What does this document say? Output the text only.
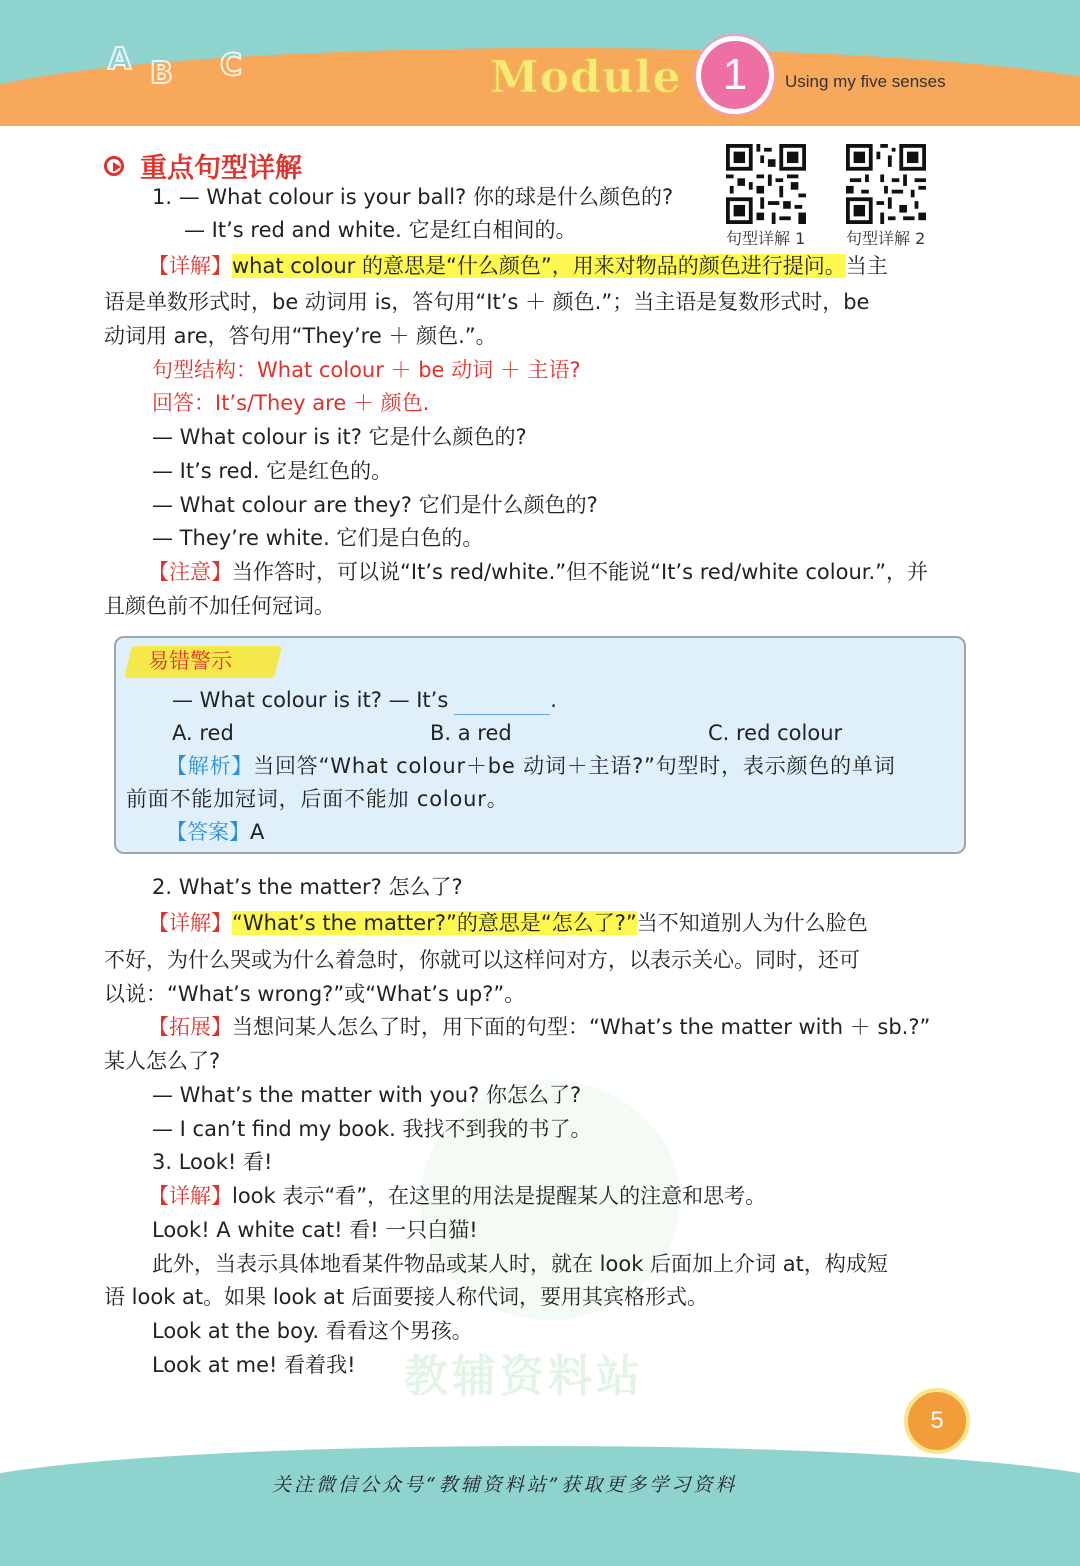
A B C	Module 1	Using my five senses
重点句型详解
句型详解 1	句型详解 2
1. — What colour is your ball? 你的球是什么颜色的?
— It’s red and white. 它是红白相间的。
【详解】what colour 的意思是“什么颜色”，用来对物品的颜色进行提问。当主
语是单数形式时，be 动词用 is，答句用“It’s ＋ 颜色.”；当主语是复数形式时，be
动词用 are，答句用“They’re ＋ 颜色.”。
句型结构：What colour ＋ be 动词 ＋ 主语?
回答：It’s/They are ＋ 颜色.
— What colour is it? 它是什么颜色的?
— It’s red. 它是红色的。
— What colour are they? 它们是什么颜色的?
— They’re white. 它们是白色的。
【注意】当作答时，可以说“It’s red/white.”但不能说“It’s red/white colour.”，并
且颜色前不加任何冠词。
易错警示
— What colour is it? — It’s	.
A. red	B. a red	C. red colour
【解析】当回答“What colour＋be 动词＋主语?”句型时，表示颜色的单词
前面不能加冠词，后面不能加 colour。
【答案】A
教辅资料站
2. What’s the matter? 怎么了?
【详解】“What’s the matter?”的意思是“怎么了?”当不知道别人为什么脸色
不好，为什么哭或为什么着急时，你就可以这样问对方，以表示关心。同时，还可
以说：“What’s wrong?”或“What’s up?”。
【拓展】当想问某人怎么了时，用下面的句型：“What’s the matter with ＋ sb.?”
某人怎么了?
— What’s the matter with you? 你怎么了?
— I can’t find my book. 我找不到我的书了。
3. Look! 看!
【详解】look 表示“看”，在这里的用法是提醒某人的注意和思考。
Look! A white cat! 看! 一只白猫!
此外，当表示具体地看某件物品或某人时，就在 look 后面加上介词 at，构成短
语 look at。如果 look at 后面要接人称代词，要用其宾格形式。
Look at the boy. 看看这个男孩。
Look at me! 看着我!
5
关注微信公众号“教辅资料站”获取更多学习资料
